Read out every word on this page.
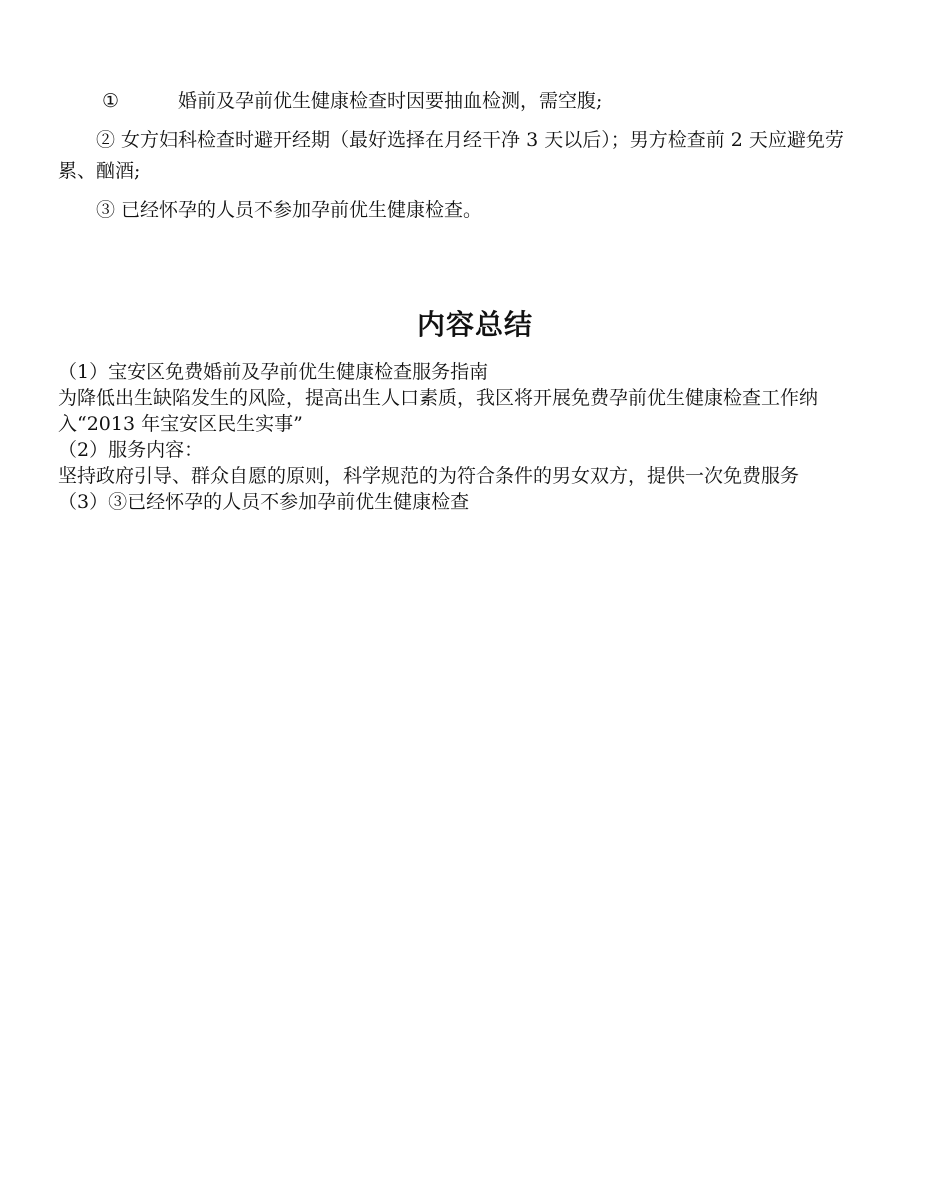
①	婚前及孕前优生健康检查时因要抽血检测，需空腹;

② 女方妇科检查时避开经期（最好选择在月经干净 3 天以后）；男方检查前 2 天应避免劳累、酗酒;

③ 已经怀孕的人员不参加孕前优生健康检查。

内容总结

（1）宝安区免费婚前及孕前优生健康检查服务指南

为降低出生缺陷发生的风险，提高出生人口素质，我区将开展免费孕前优生健康检查工作纳入“2013 年宝安区民生实事”

（2）服务内容：

坚持政府引导、群众自愿的原则，科学规范的为符合条件的男女双方，提供一次免费服务

（3）③已经怀孕的人员不参加孕前优生健康检查
